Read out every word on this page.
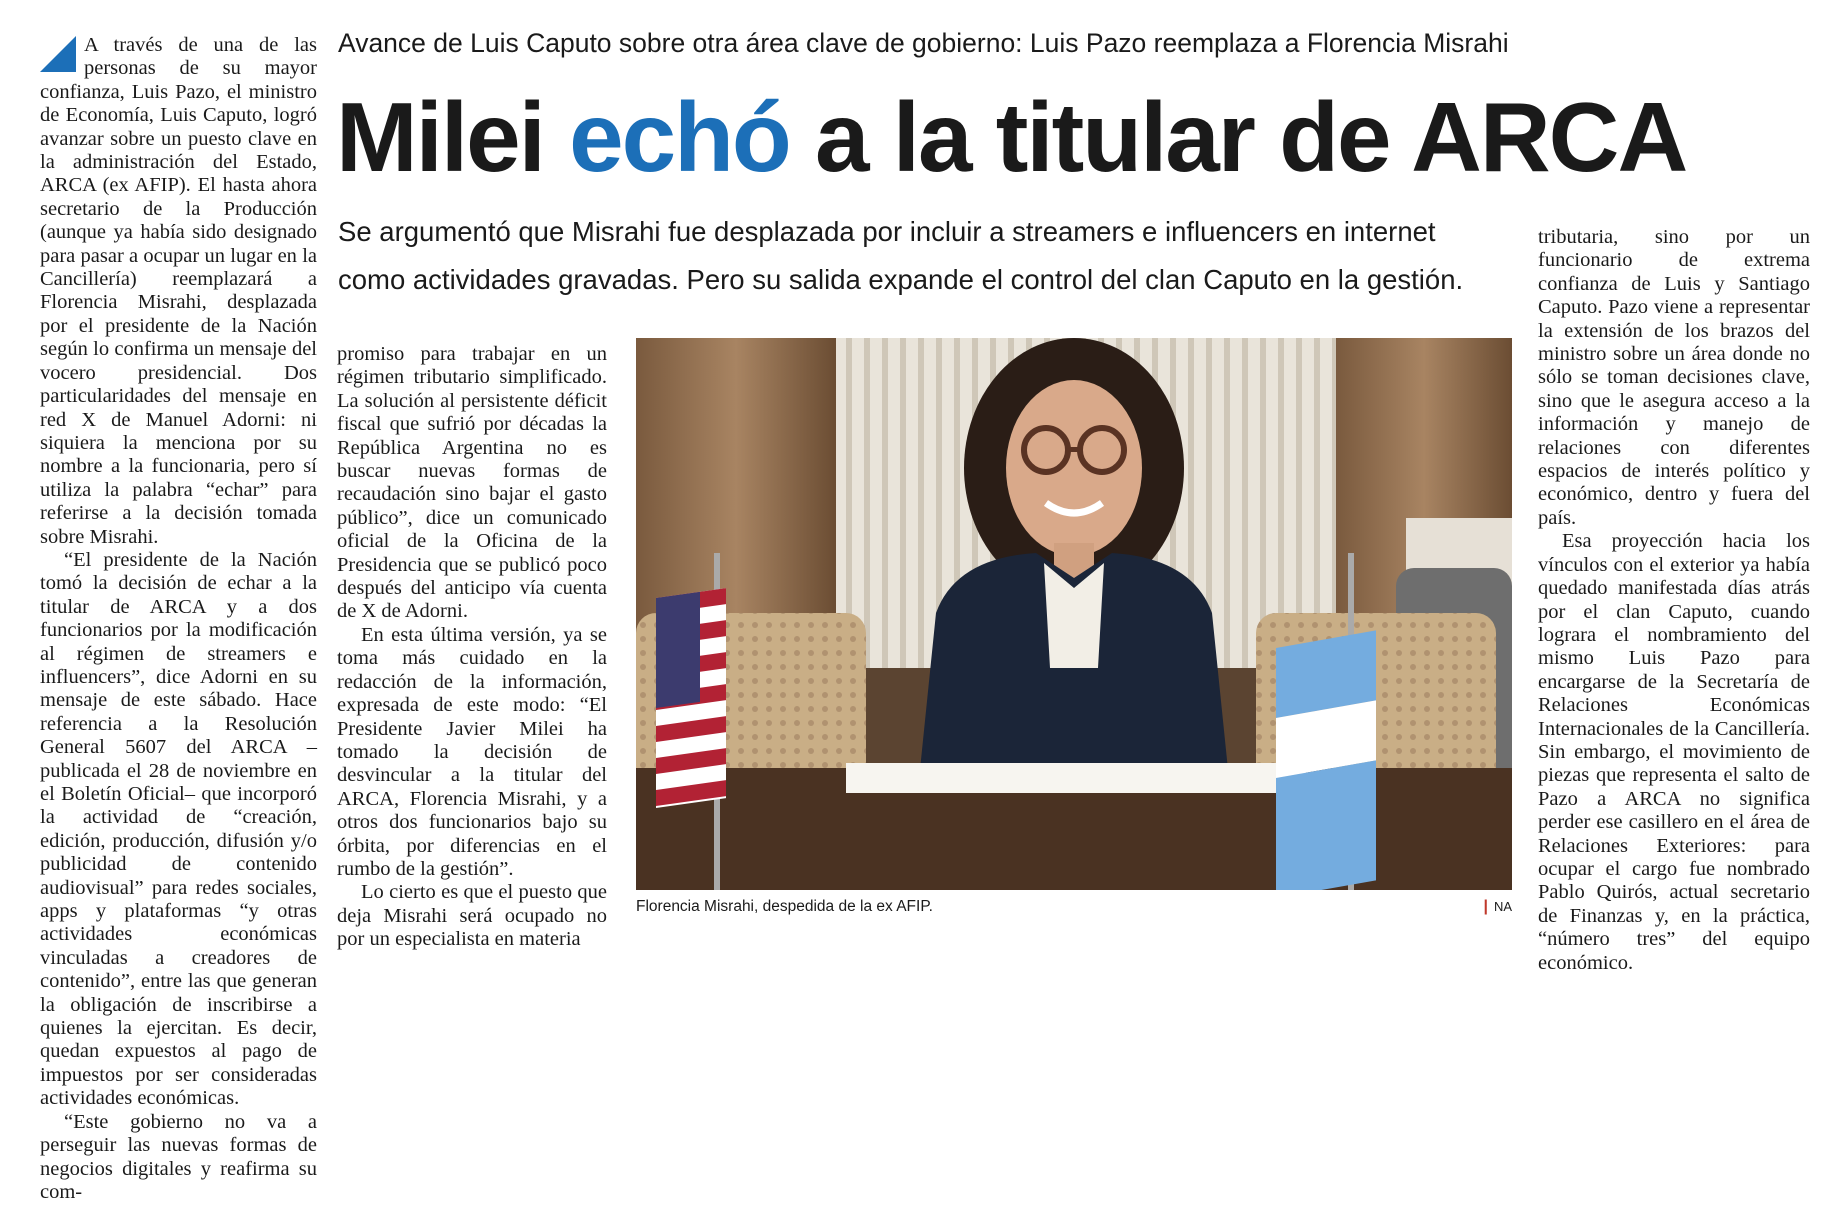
A través de una de las personas de su mayor confianza, Luis Pazo, el ministro de Economía, Luis Caputo, logró avanzar sobre un puesto clave en la administración del Estado, ARCA (ex AFIP). El hasta ahora secretario de la Producción (aunque ya había sido designado para pasar a ocupar un lugar en la Cancillería) reemplazará a Florencia Misrahi, desplazada por el presidente de la Nación según lo confirma un mensaje del vocero presidencial. Dos particularidades del mensaje en red X de Manuel Adorni: ni siquiera la menciona por su nombre a la funcionaria, pero sí utiliza la palabra “echar” para referirse a la decisión tomada sobre Misrahi.

“El presidente de la Nación tomó la decisión de echar a la titular de ARCA y a dos funcionarios por la modificación al régimen de streamers e influencers”, dice Adorni en su mensaje de este sábado. Hace referencia a la Resolución General 5607 del ARCA –publicada el 28 de noviembre en el Boletín Oficial– que incorporó la actividad de “creación, edición, producción, difusión y/o publicidad de contenido audiovisual” para redes sociales, apps y plataformas “y otras actividades económicas vinculadas a creadores de contenido”, entre las que generan la obligación de inscribirse a quienes la ejercitan. Es decir, quedan expuestos al pago de impuestos por ser consideradas actividades económicas.

“Este gobierno no va a perseguir las nuevas formas de negocios digitales y reafirma su com-

Avance de Luis Caputo sobre otra área clave de gobierno: Luis Pazo reemplaza a Florencia Misrahi
Milei echó a la titular de ARCA
Se argumentó que Misrahi fue desplazada por incluir a streamers e influencers en internet como actividades gravadas. Pero su salida expande el control del clan Caputo en la gestión.

promiso para trabajar en un régimen tributario simplificado. La solución al persistente déficit fiscal que sufrió por décadas la República Argentina no es buscar nuevas formas de recaudación sino bajar el gasto público”, dice un comunicado oficial de la Oficina de la Presidencia que se publicó poco después del anticipo vía cuenta de X de Adorni.

En esta última versión, ya se toma más cuidado en la redacción de la información, expresada de este modo: “El Presidente Javier Milei ha tomado la decisión de desvincular a la titular del ARCA, Florencia Misrahi, y a otros dos funcionarios bajo su órbita, por diferencias en el rumbo de la gestión”.

Lo cierto es que el puesto que deja Misrahi será ocupado no por un especialista en materia

Florencia Misrahi, despedida de la ex AFIP.	| NA

tributaria, sino por un funcionario de extrema confianza de Luis y Santiago Caputo. Pazo viene a representar la extensión de los brazos del ministro sobre un área donde no sólo se toman decisiones clave, sino que le asegura acceso a la información y manejo de relaciones con diferentes espacios de interés político y económico, dentro y fuera del país.

Esa proyección hacia los vínculos con el exterior ya había quedado manifestada días atrás por el clan Caputo, cuando lograra el nombramiento del mismo Luis Pazo para encargarse de la Secretaría de Relaciones Económicas Internacionales de la Cancillería. Sin embargo, el movimiento de piezas que representa el salto de Pazo a ARCA no significa perder ese casillero en el área de Relaciones Exteriores: para ocupar el cargo fue nombrado Pablo Quirós, actual secretario de Finanzas y, en la práctica, “número tres” del equipo económico.
